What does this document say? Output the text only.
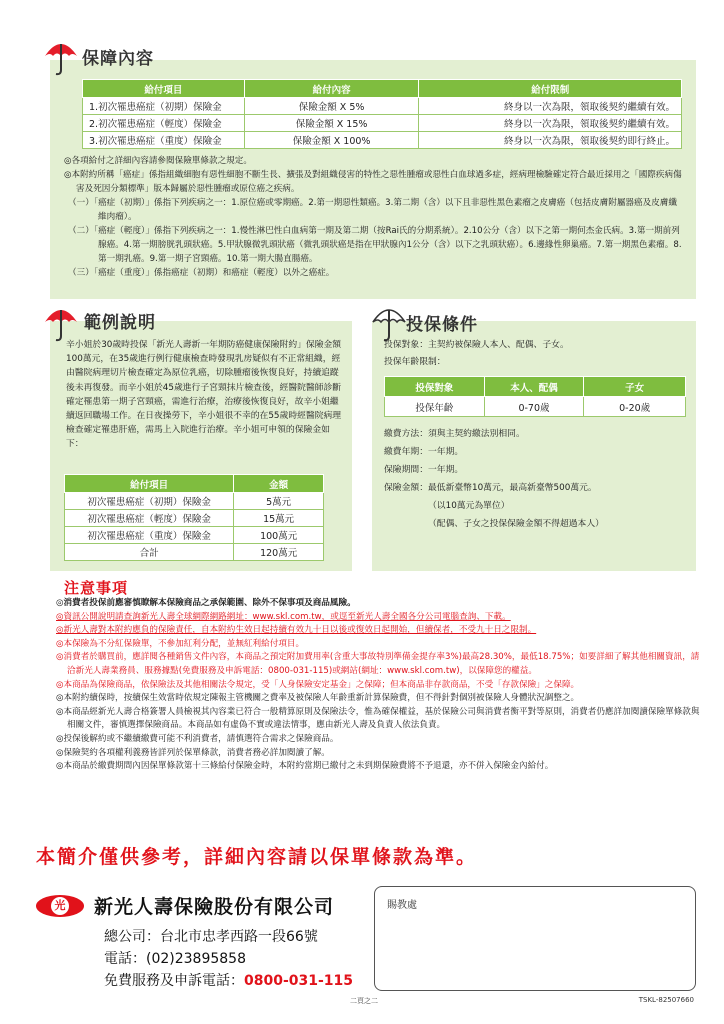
保障內容
給付項目	給付內容	給付限制
1.初次罹患癌症（初期）保險金	保險金額 X 5%	終身以一次為限，領取後契約繼續有效。
2.初次罹患癌症（輕度）保險金	保險金額 X 15%	終身以一次為限，領取後契約繼續有效。
3.初次罹患癌症（重度）保險金	保險金額 X 100%	終身以一次為限，領取後契約即行終止。

◎各項給付之詳細內容請參閱保險單條款之規定。

◎本附約所稱「癌症」係指組織細胞有惡性細胞不斷生長、擴張及對組織侵害的特性之惡性腫瘤或惡性白血球過多症，經病理檢驗確定符合最近採用之「國際疾病傷害及死因分類標準」版本歸屬於惡性腫瘤或原位癌之疾病。

（一）「癌症（初期）」係指下列疾病之一：1.原位癌或零期癌。2.第一期惡性類癌。3.第二期（含）以下且非惡性黑色素瘤之皮膚癌（包括皮膚附屬器癌及皮膚纖維肉瘤）。

（二）「癌症（輕度）」係指下列疾病之一：1.慢性淋巴性白血病第一期及第二期（按Rai氏的分期系統）。2.10公分（含）以下之第一期何杰金氏病。3.第一期前列腺癌。4.第一期膀胱乳頭狀癌。5.甲狀腺微乳頭狀癌（微乳頭狀癌是指在甲狀腺內1公分（含）以下之乳頭狀癌）。6.邊緣性卵巢癌。7.第一期黑色素瘤。8.第一期乳癌。9.第一期子宮頸癌。10.第一期大腸直腸癌。

（三）「癌症（重度）」係指癌症（初期）和癌症（輕度）以外之癌症。

範例說明

辛小姐於30歲時投保「新光人壽新一年期防癌健康保險附約」保險金額100萬元，在35歲進行例行健康檢查時發現乳房疑似有不正常組織，經由醫院病理切片檢查確定為原位乳癌，切除腫瘤後恢復良好，持續追蹤後未再復發。而辛小姐於45歲進行子宮頸抹片檢查後，經醫院醫師診斷確定罹患第一期子宮頸癌，需進行治療，治療後恢復良好，故辛小姐繼續返回職場工作。在日夜操勞下，辛小姐很不幸的在55歲時經醫院病理檢查確定罹患肝癌，需馬上入院進行治療。辛小姐可申領的保險金如下：

給付項目	金額
初次罹患癌症（初期）保險金	5萬元
初次罹患癌症（輕度）保險金	15萬元
初次罹患癌症（重度）保險金	100萬元
合計	120萬元
投保條件

投保對象：主契約被保險人本人、配偶、子女。

投保年齡限制：

投保對象	本人、配偶	子女
投保年齡	0-70歲	0-20歲

繳費方法：須與主契約繳法別相同。

繳費年期：一年期。

保險期間：一年期。

保險金額：最低新臺幣10萬元，最高新臺幣500萬元。

（以10萬元為單位）

（配偶、子女之投保保險金額不得超過本人）

注意事項

◎消費者投保前應審慎瞭解本保險商品之承保範圍、除外不保事項及商品風險。

◎資訊公開說明請查詢新光人壽全球網際網路網址：www.skl.com.tw，或逕至新光人壽全國各分公司電腦查詢、下載。

◎新光人壽對本附約應負的保險責任，自本附約生效日起持續有效九十日以後或復效日起開始，但續保者，不受九十日之限制。

◎本保險為不分紅保險單，不參加紅利分配，並無紅利給付項目。

◎消費者於購買前，應詳閱各種銷售文件內容，本商品之預定附加費用率(含重大事故特別準備金提存率3%)最高28.30%，最低18.75%；如要詳細了解其他相關資訊，請洽新光人壽業務員、服務據點(免費服務及申訴電話：0800-031-115)或網站(網址：www.skl.com.tw)，以保障您的權益。

◎本商品為保險商品，依保險法及其他相關法令規定，受「人身保險安定基金」之保障；但本商品非存款商品，不受「存款保險」之保障。

◎本附約續保時，按續保生效當時依規定陳報主管機關之費率及被保險人年齡重新計算保險費，但不得針對個別被保險人身體狀況調整之。

◎本商品經新光人壽合格簽署人員檢視其內容業已符合一般精算原則及保險法令，惟為確保權益，基於保險公司與消費者衡平對等原則，消費者仍應詳加閱讀保險單條款與相關文件，審慎選擇保險商品。本商品如有虛偽不實或違法情事，應由新光人壽及負責人依法負責。

◎投保後解約或不繼續繳費可能不利消費者，請慎選符合需求之保險商品。

◎保險契約各項權利義務皆詳列於保單條款，消費者務必詳加閱讀了解。

◎本商品於繳費期間內因保單條款第十三條給付保險金時，本附約當期已繳付之未到期保險費將不予退還，亦不併入保險金內給付。

本簡介僅供參考，詳細內容請以保單條款為準。
光 新光人壽保險股份有限公司
總公司：台北市忠孝西路一段66號
電話：(02)23895858
免費服務及申訴電話：0800-031-115
賜教處
二頁之二	TSKL-82507660
